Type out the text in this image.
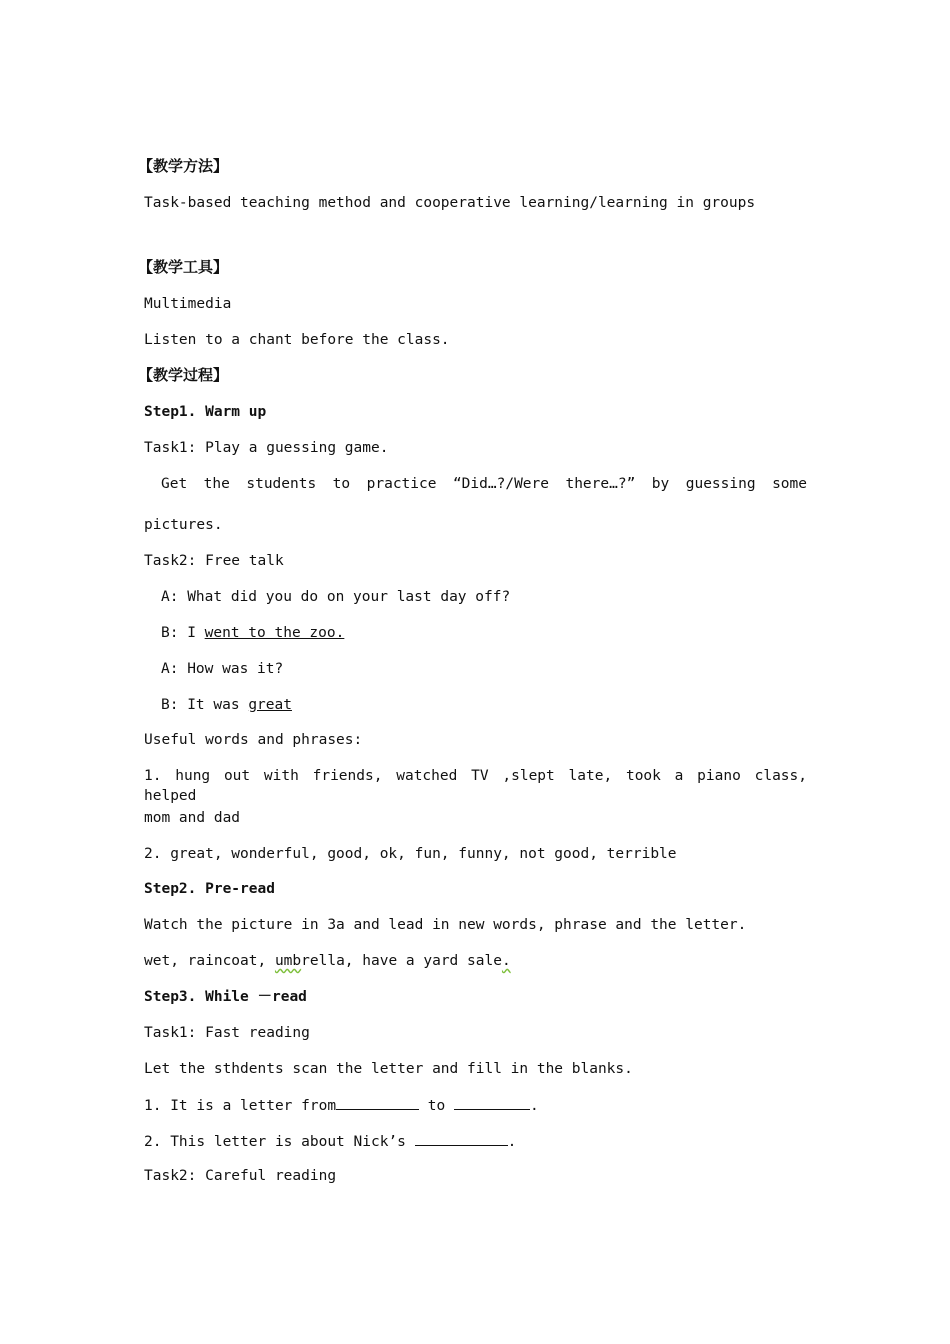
【教学方法】
Task-based teaching method and cooperative learning/learning in groups
【教学工具】
Multimedia
Listen to a chant before the class.
【教学过程】
Step1. Warm up
Task1: Play a guessing game.
Get the students to practice “Did…?/Were there…?” by guessing some
pictures.
Task2: Free talk
A: What did you do on your last day off?
B: I went to the zoo.
A: How was it?
B: It was great
Useful words and phrases:
1. hung out with friends, watched TV ,slept late, took a piano class, helped
mom and dad
2. great, wonderful, good, ok, fun, funny, not good, terrible
Step2. Pre-read
Watch the picture in 3a and lead in new words, phrase and the letter.
wet, raincoat, umbrella, have a yard sale.
Step3. While －read
Task1: Fast reading
Let the sthdents scan the letter and fill in the blanks.
1. It is a letter from	to	.
2. This letter is about Nick’s	.
Task2: Careful reading
